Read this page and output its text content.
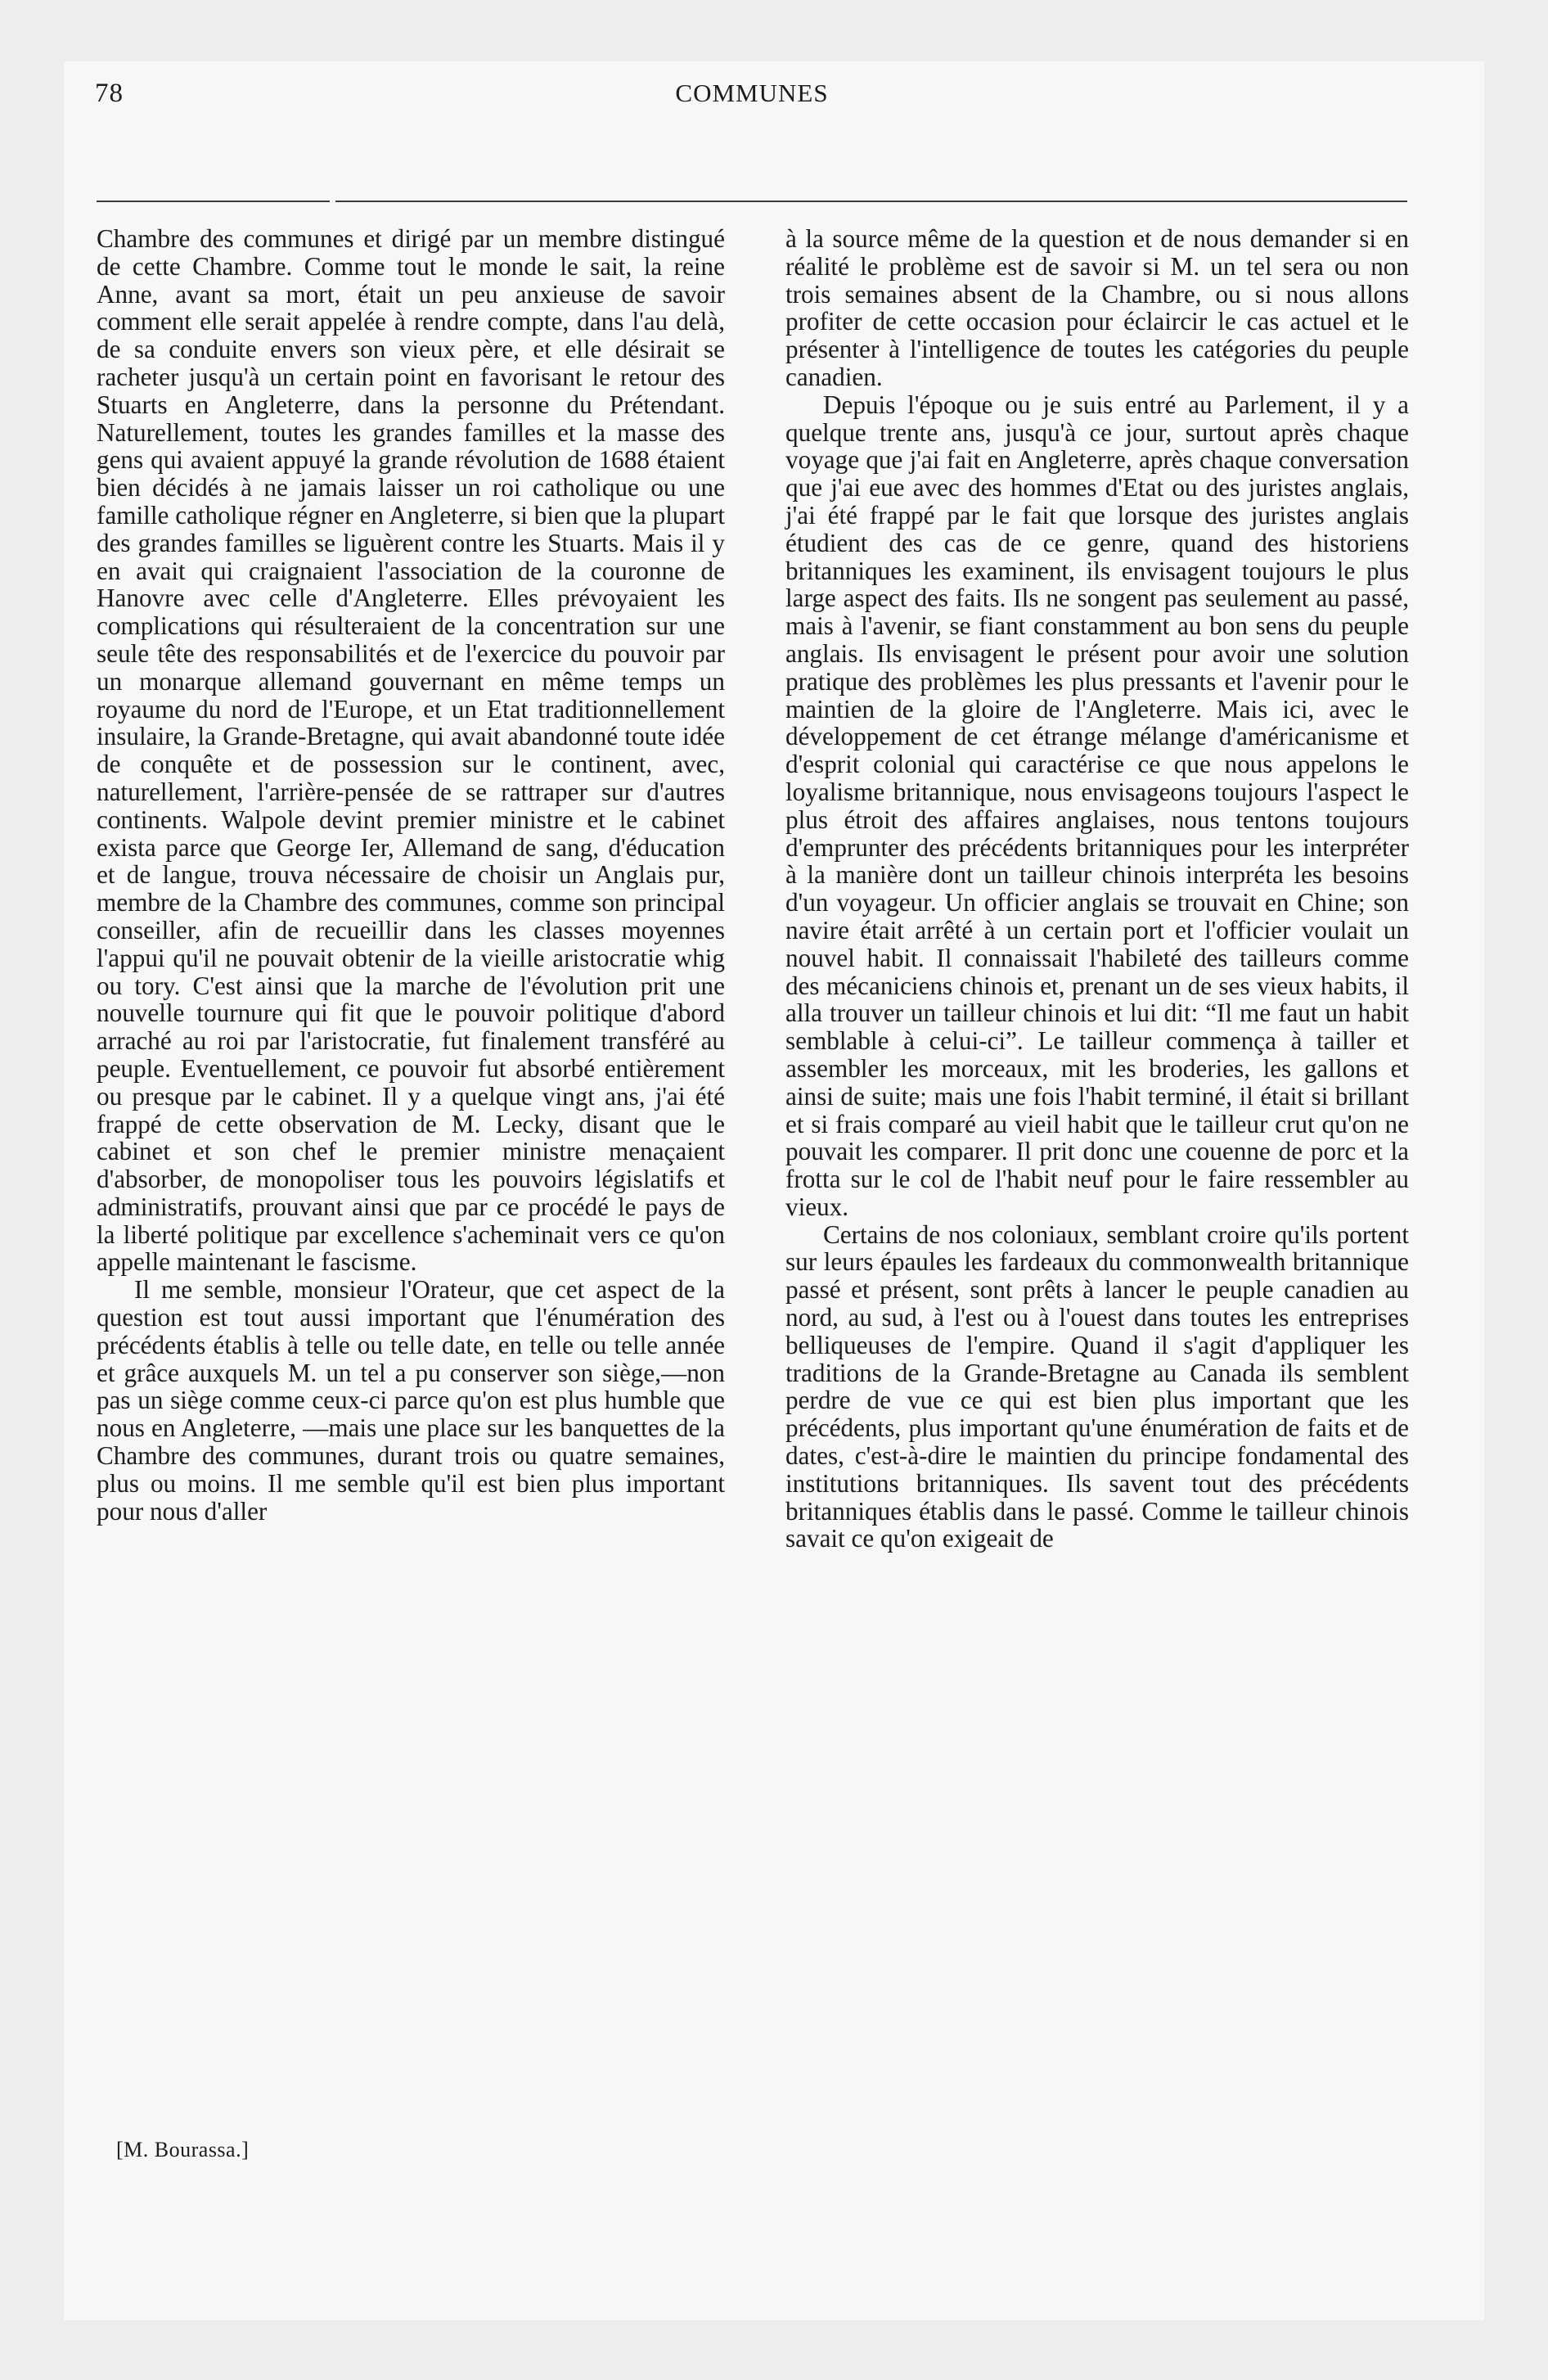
78	COMMUNES

Chambre des communes et dirigé par un membre distingué de cette Chambre. Comme tout le monde le sait, la reine Anne, avant sa mort, était un peu anxieuse de savoir comment elle serait appelée à rendre compte, dans l'au delà, de sa conduite envers son vieux père, et elle désirait se racheter jusqu'à un certain point en favorisant le retour des Stuarts en Angleterre, dans la personne du Prétendant. Naturellement, toutes les grandes familles et la masse des gens qui avaient appuyé la grande révolution de 1688 étaient bien décidés à ne jamais laisser un roi catholique ou une famille catholique régner en Angleterre, si bien que la plupart des grandes familles se liguèrent contre les Stuarts. Mais il y en avait qui craignaient l'association de la couronne de Hanovre avec celle d'Angleterre. Elles prévoyaient les complications qui résulteraient de la concentration sur une seule tête des responsabilités et de l'exercice du pouvoir par un monarque allemand gouvernant en même temps un royaume du nord de l'Europe, et un Etat traditionnellement insulaire, la Grande-Bretagne, qui avait abandonné toute idée de conquête et de possession sur le continent, avec, naturellement, l'arrière-pensée de se rattraper sur d'autres continents. Walpole devint premier ministre et le cabinet exista parce que George Ier, Allemand de sang, d'éducation et de langue, trouva nécessaire de choisir un Anglais pur, membre de la Chambre des communes, comme son principal conseiller, afin de recueillir dans les classes moyennes l'appui qu'il ne pouvait obtenir de la vieille aristocratie whig ou tory. C'est ainsi que la marche de l'évolution prit une nouvelle tournure qui fit que le pouvoir politique d'abord arraché au roi par l'aristocratie, fut finalement transféré au peuple. Eventuellement, ce pouvoir fut absorbé entièrement ou presque par le cabinet. Il y a quelque vingt ans, j'ai été frappé de cette observation de M. Lecky, disant que le cabinet et son chef le premier ministre menaçaient d'absorber, de monopoliser tous les pouvoirs législatifs et administratifs, prouvant ainsi que par ce procédé le pays de la liberté politique par excellence s'acheminait vers ce qu'on appelle maintenant le fascisme.

Il me semble, monsieur l'Orateur, que cet aspect de la question est tout aussi important que l'énumération des précédents établis à telle ou telle date, en telle ou telle année et grâce auxquels M. un tel a pu conserver son siège,—non pas un siège comme ceux-ci parce qu'on est plus humble que nous en Angleterre, —mais une place sur les banquettes de la Chambre des communes, durant trois ou quatre semaines, plus ou moins. Il me semble qu'il est bien plus important pour nous d'aller

à la source même de la question et de nous demander si en réalité le problème est de savoir si M. un tel sera ou non trois semaines absent de la Chambre, ou si nous allons profiter de cette occasion pour éclaircir le cas actuel et le présenter à l'intelligence de toutes les catégories du peuple canadien.

Depuis l'époque ou je suis entré au Parlement, il y a quelque trente ans, jusqu'à ce jour, surtout après chaque voyage que j'ai fait en Angleterre, après chaque conversation que j'ai eue avec des hommes d'Etat ou des juristes anglais, j'ai été frappé par le fait que lorsque des juristes anglais étudient des cas de ce genre, quand des historiens britanniques les examinent, ils envisagent toujours le plus large aspect des faits. Ils ne songent pas seulement au passé, mais à l'avenir, se fiant constamment au bon sens du peuple anglais. Ils envisagent le présent pour avoir une solution pratique des problèmes les plus pressants et l'avenir pour le maintien de la gloire de l'Angleterre. Mais ici, avec le développement de cet étrange mélange d'américanisme et d'esprit colonial qui caractérise ce que nous appelons le loyalisme britannique, nous envisageons toujours l'aspect le plus étroit des affaires anglaises, nous tentons toujours d'emprunter des précédents britanniques pour les interpréter à la manière dont un tailleur chinois interpréta les besoins d'un voyageur. Un officier anglais se trouvait en Chine; son navire était arrêté à un certain port et l'officier voulait un nouvel habit. Il connaissait l'habileté des tailleurs comme des mécaniciens chinois et, prenant un de ses vieux habits, il alla trouver un tailleur chinois et lui dit: “Il me faut un habit semblable à celui-ci”. Le tailleur commença à tailler et assembler les morceaux, mit les broderies, les gallons et ainsi de suite; mais une fois l'habit terminé, il était si brillant et si frais comparé au vieil habit que le tailleur crut qu'on ne pouvait les comparer. Il prit donc une couenne de porc et la frotta sur le col de l'habit neuf pour le faire ressembler au vieux.

Certains de nos coloniaux, semblant croire qu'ils portent sur leurs épaules les fardeaux du commonwealth britannique passé et présent, sont prêts à lancer le peuple canadien au nord, au sud, à l'est ou à l'ouest dans toutes les entreprises belliqueuses de l'empire. Quand il s'agit d'appliquer les traditions de la Grande-Bretagne au Canada ils semblent perdre de vue ce qui est bien plus important que les précédents, plus important qu'une énumération de faits et de dates, c'est-à-dire le maintien du principe fondamental des institutions britanniques. Ils savent tout des précédents britanniques établis dans le passé. Comme le tailleur chinois savait ce qu'on exigeait de

[M. Bourassa.]
